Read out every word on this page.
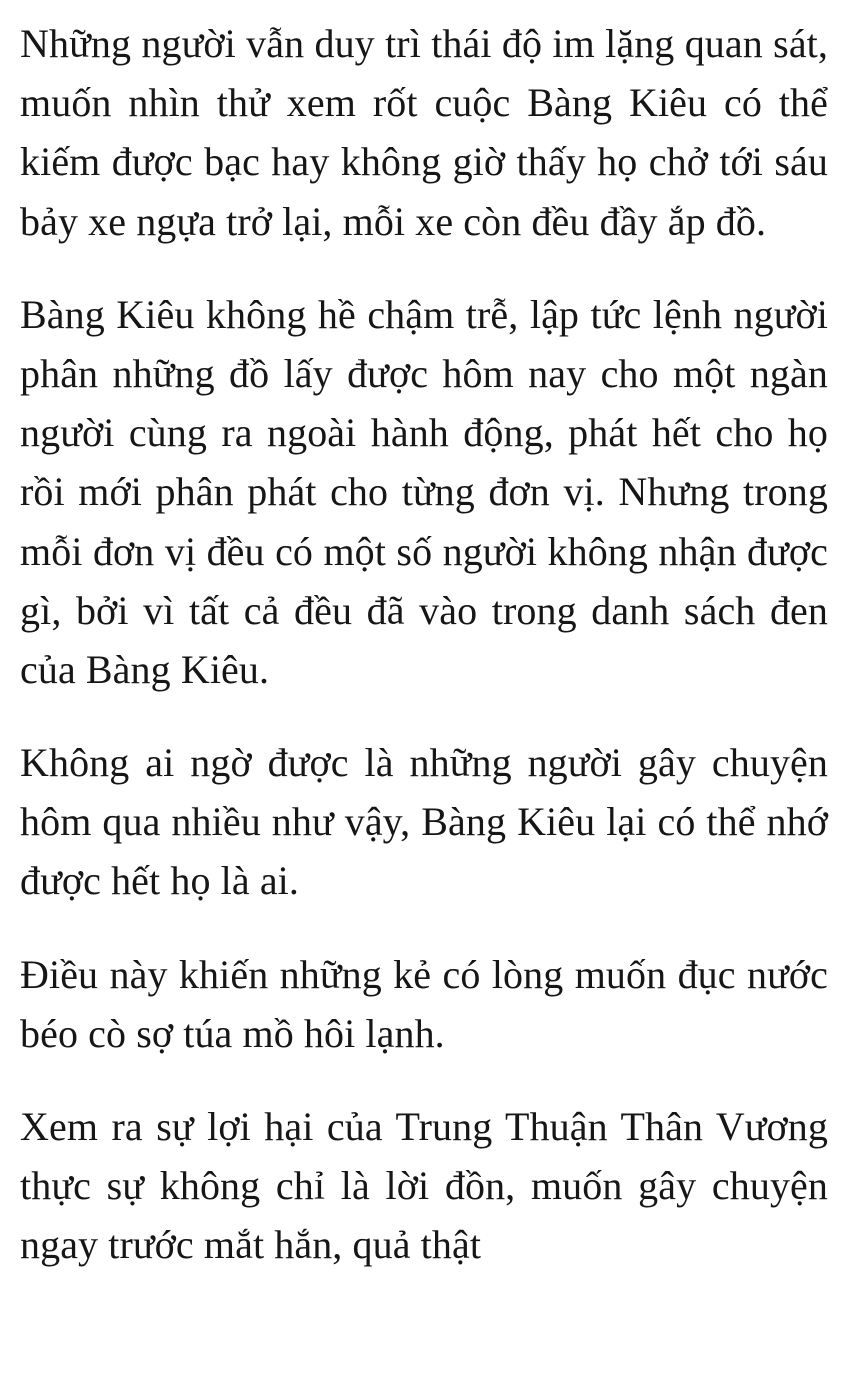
Những người vẫn duy trì thái độ im lặng quan sát, muốn nhìn thử xem rốt cuộc Bàng Kiêu có thể kiếm được bạc hay không giờ thấy họ chở tới sáu bảy xe ngựa trở lại, mỗi xe còn đều đầy ắp đồ.

Bàng Kiêu không hề chậm trễ, lập tức lệnh người phân những đồ lấy được hôm nay cho một ngàn người cùng ra ngoài hành động, phát hết cho họ rồi mới phân phát cho từng đơn vị. Nhưng trong mỗi đơn vị đều có một số người không nhận được gì, bởi vì tất cả đều đã vào trong danh sách đen của Bàng Kiêu.

Không ai ngờ được là những người gây chuyện hôm qua nhiều như vậy, Bàng Kiêu lại có thể nhớ được hết họ là ai.

Điều này khiến những kẻ có lòng muốn đục nước béo cò sợ túa mồ hôi lạnh.

Xem ra sự lợi hại của Trung Thuận Thân Vương thực sự không chỉ là lời đồn, muốn gây chuyện ngay trước mắt hắn, quả thật
